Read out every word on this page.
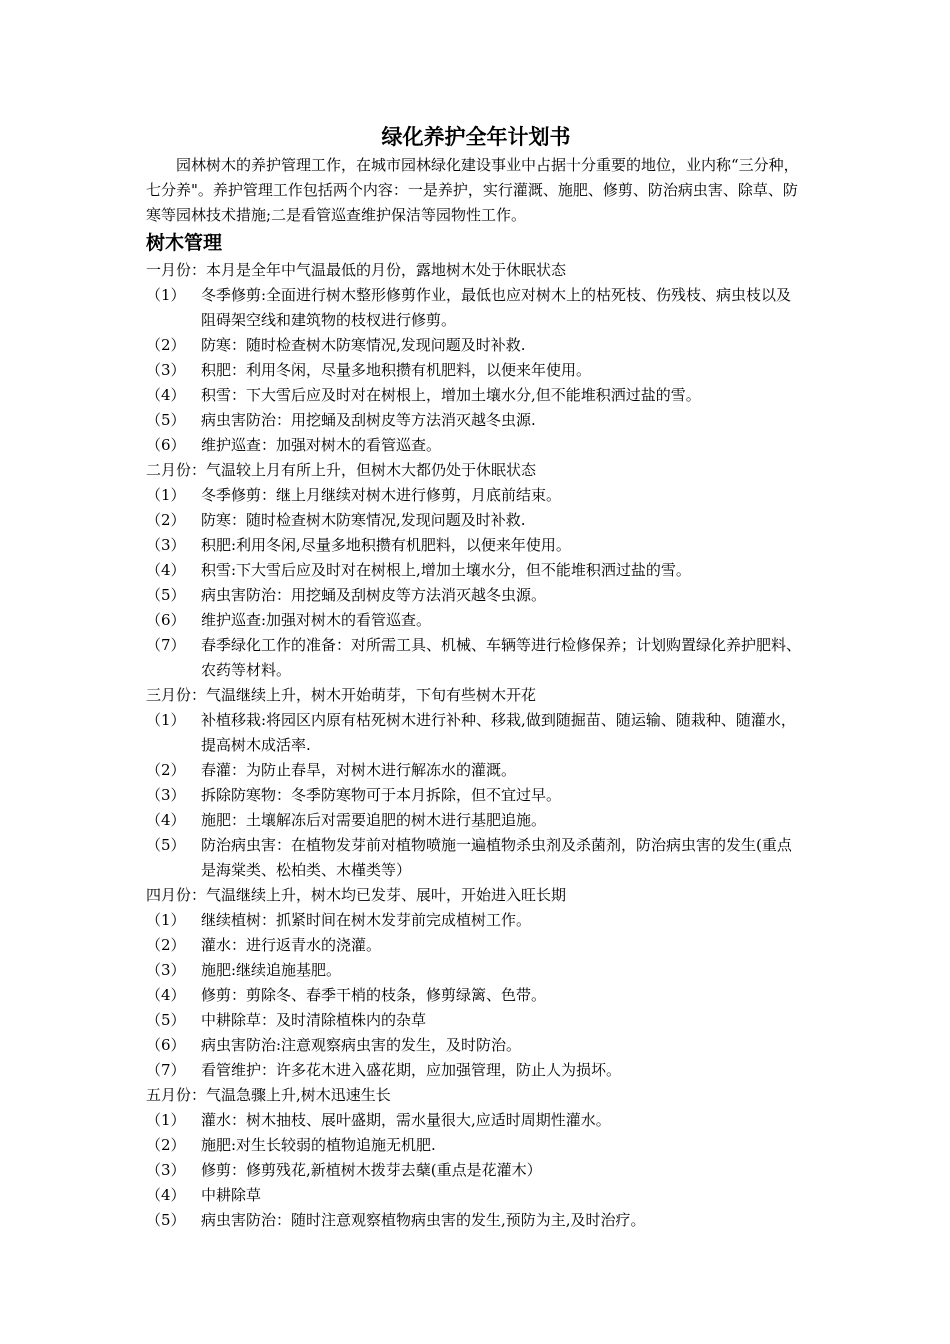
绿化养护全年计划书

园林树木的养护管理工作，在城市园林绿化建设事业中占据十分重要的地位，业内称“三分种，七分养"。养护管理工作包括两个内容：一是养护，实行灌溉、施肥、修剪、防治病虫害、除草、防寒等园林技术措施;二是看管巡查维护保洁等园物性工作。

树木管理

一月份：本月是全年中气温最低的月份，露地树木处于休眠状态

（1）	冬季修剪:全面进行树木整形修剪作业，最低也应对树木上的枯死枝、伤残枝、病虫枝以及阻碍架空线和建筑物的枝杈进行修剪。
（2）	防寒：随时检查树木防寒情况,发现问题及时补救.
（3）	积肥：利用冬闲，尽量多地积攒有机肥料，以便来年使用。
（4）	积雪：下大雪后应及时对在树根上，增加土壤水分,但不能堆积洒过盐的雪。
（5）	病虫害防治：用挖蛹及刮树皮等方法消灭越冬虫源.
（6）	维护巡查：加强对树木的看管巡查。

二月份：气温较上月有所上升，但树木大都仍处于休眠状态

（1）	冬季修剪：继上月继续对树木进行修剪，月底前结束。
（2）	防寒：随时检查树木防寒情况,发现问题及时补救.
（3）	积肥:利用冬闲,尽量多地积攒有机肥料，以便来年使用。
（4）	积雪:下大雪后应及时对在树根上,增加土壤水分，但不能堆积洒过盐的雪。
（5）	病虫害防治：用挖蛹及刮树皮等方法消灭越冬虫源。
（6）	维护巡查:加强对树木的看管巡查。
（7）	春季绿化工作的准备：对所需工具、机械、车辆等进行检修保养；计划购置绿化养护肥料、农药等材料。

三月份：气温继续上升，树木开始萌芽，下旬有些树木开花

（1）	补植移栽:将园区内原有枯死树木进行补种、移栽,做到随掘苗、随运输、随栽种、随灌水，提高树木成活率.
（2）	春灌：为防止春旱，对树木进行解冻水的灌溉。
（3）	拆除防寒物：冬季防寒物可于本月拆除，但不宜过早。
（4）	施肥：土壤解冻后对需要追肥的树木进行基肥追施。
（5）	防治病虫害：在植物发芽前对植物喷施一遍植物杀虫剂及杀菌剂，防治病虫害的发生(重点是海棠类、松柏类、木槿类等）

四月份：气温继续上升，树木均已发芽、展叶，开始进入旺长期

（1）	继续植树：抓紧时间在树木发芽前完成植树工作。
（2）	灌水：进行返青水的浇灌。
（3）	施肥:继续追施基肥。
（4）	修剪：剪除冬、春季干梢的枝条，修剪绿篱、色带。
（5）	中耕除草：及时清除植株内的杂草
（6）	病虫害防治:注意观察病虫害的发生，及时防治。
（7）	看管维护：许多花木进入盛花期，应加强管理，防止人为损坏。

五月份：气温急骤上升,树木迅速生长

（1）	灌水：树木抽枝、展叶盛期，需水量很大,应适时周期性灌水。
（2）	施肥:对生长较弱的植物追施无机肥.
（3）	修剪：修剪残花,新植树木拨芽去蘖(重点是花灌木）
（4）	中耕除草
（5）	病虫害防治：随时注意观察植物病虫害的发生,预防为主,及时治疗。
